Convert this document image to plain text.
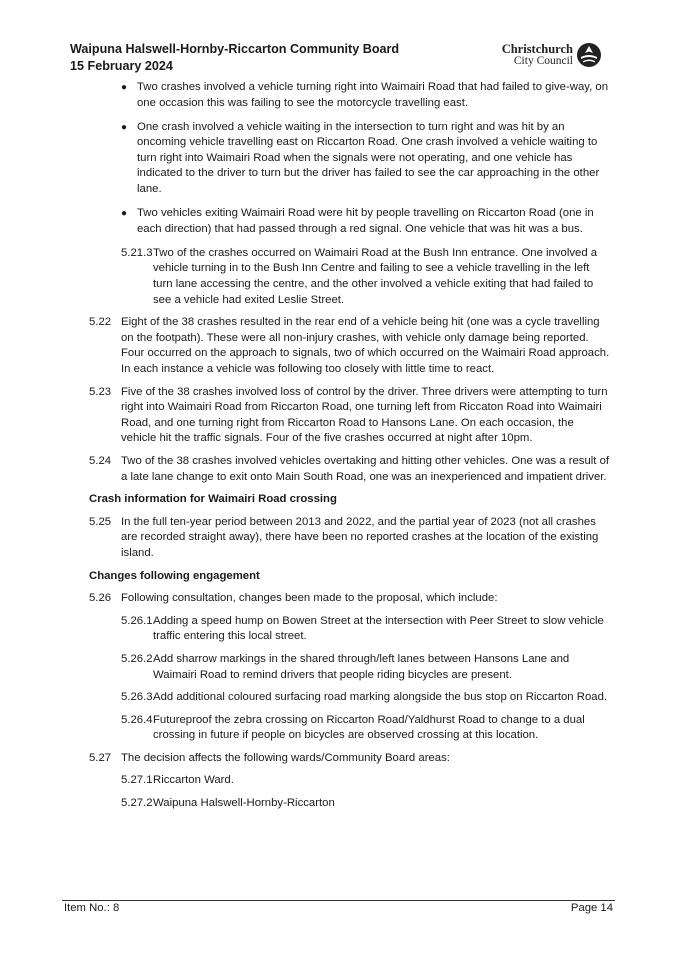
Waipuna Halswell-Hornby-Riccarton Community Board
15 February 2024
Christchurch
City Council
● Two crashes involved a vehicle turning right into Waimairi Road that had failed to give-way, on one occasion this was failing to see the motorcycle travelling east.

● One crash involved a vehicle waiting in the intersection to turn right and was hit by an oncoming vehicle travelling east on Riccarton Road. One crash involved a vehicle waiting to turn right into Waimairi Road when the signals were not operating, and one vehicle has indicated to the driver to turn but the driver has failed to see the car approaching in the other lane.

● Two vehicles exiting Waimairi Road were hit by people travelling on Riccarton Road (one in each direction) that had passed through a red signal. One vehicle that was hit was a bus.

5.21.3 Two of the crashes occurred on Waimairi Road at the Bush Inn entrance. One involved a vehicle turning in to the Bush Inn Centre and failing to see a vehicle travelling in the left turn lane accessing the centre, and the other involved a vehicle exiting that had failed to see a vehicle had exited Leslie Street.

5.22 Eight of the 38 crashes resulted in the rear end of a vehicle being hit (one was a cycle travelling on the footpath). These were all non-injury crashes, with vehicle only damage being reported. Four occurred on the approach to signals, two of which occurred on the Waimairi Road approach. In each instance a vehicle was following too closely with little time to react.

5.23 Five of the 38 crashes involved loss of control by the driver. Three drivers were attempting to turn right into Waimairi Road from Riccarton Road, one turning left from Riccaton Road into Waimairi Road, and one turning right from Riccarton Road to Hansons Lane. On each occasion, the vehicle hit the traffic signals. Four of the five crashes occurred at night after 10pm.

5.24 Two of the 38 crashes involved vehicles overtaking and hitting other vehicles. One was a result of a late lane change to exit onto Main South Road, one was an inexperienced and impatient driver.

Crash information for Waimairi Road crossing
5.25 In the full ten-year period between 2013 and 2022, and the partial year of 2023 (not all crashes are recorded straight away), there have been no reported crashes at the location of the existing island.

Changes following engagement
5.26 Following consultation, changes been made to the proposal, which include:

5.26.1 Adding a speed hump on Bowen Street at the intersection with Peer Street to slow vehicle traffic entering this local street.

5.26.2 Add sharrow markings in the shared through/left lanes between Hansons Lane and Waimairi Road to remind drivers that people riding bicycles are present.

5.26.3 Add additional coloured surfacing road marking alongside the bus stop on Riccarton Road.

5.26.4 Futureproof the zebra crossing on Riccarton Road/Yaldhurst Road to change to a dual crossing in future if people on bicycles are observed crossing at this location.

5.27 The decision affects the following wards/Community Board areas:

5.27.1 Riccarton Ward.

5.27.2 Waipuna Halswell-Hornby-Riccarton

Item No.: 8	Page 14
